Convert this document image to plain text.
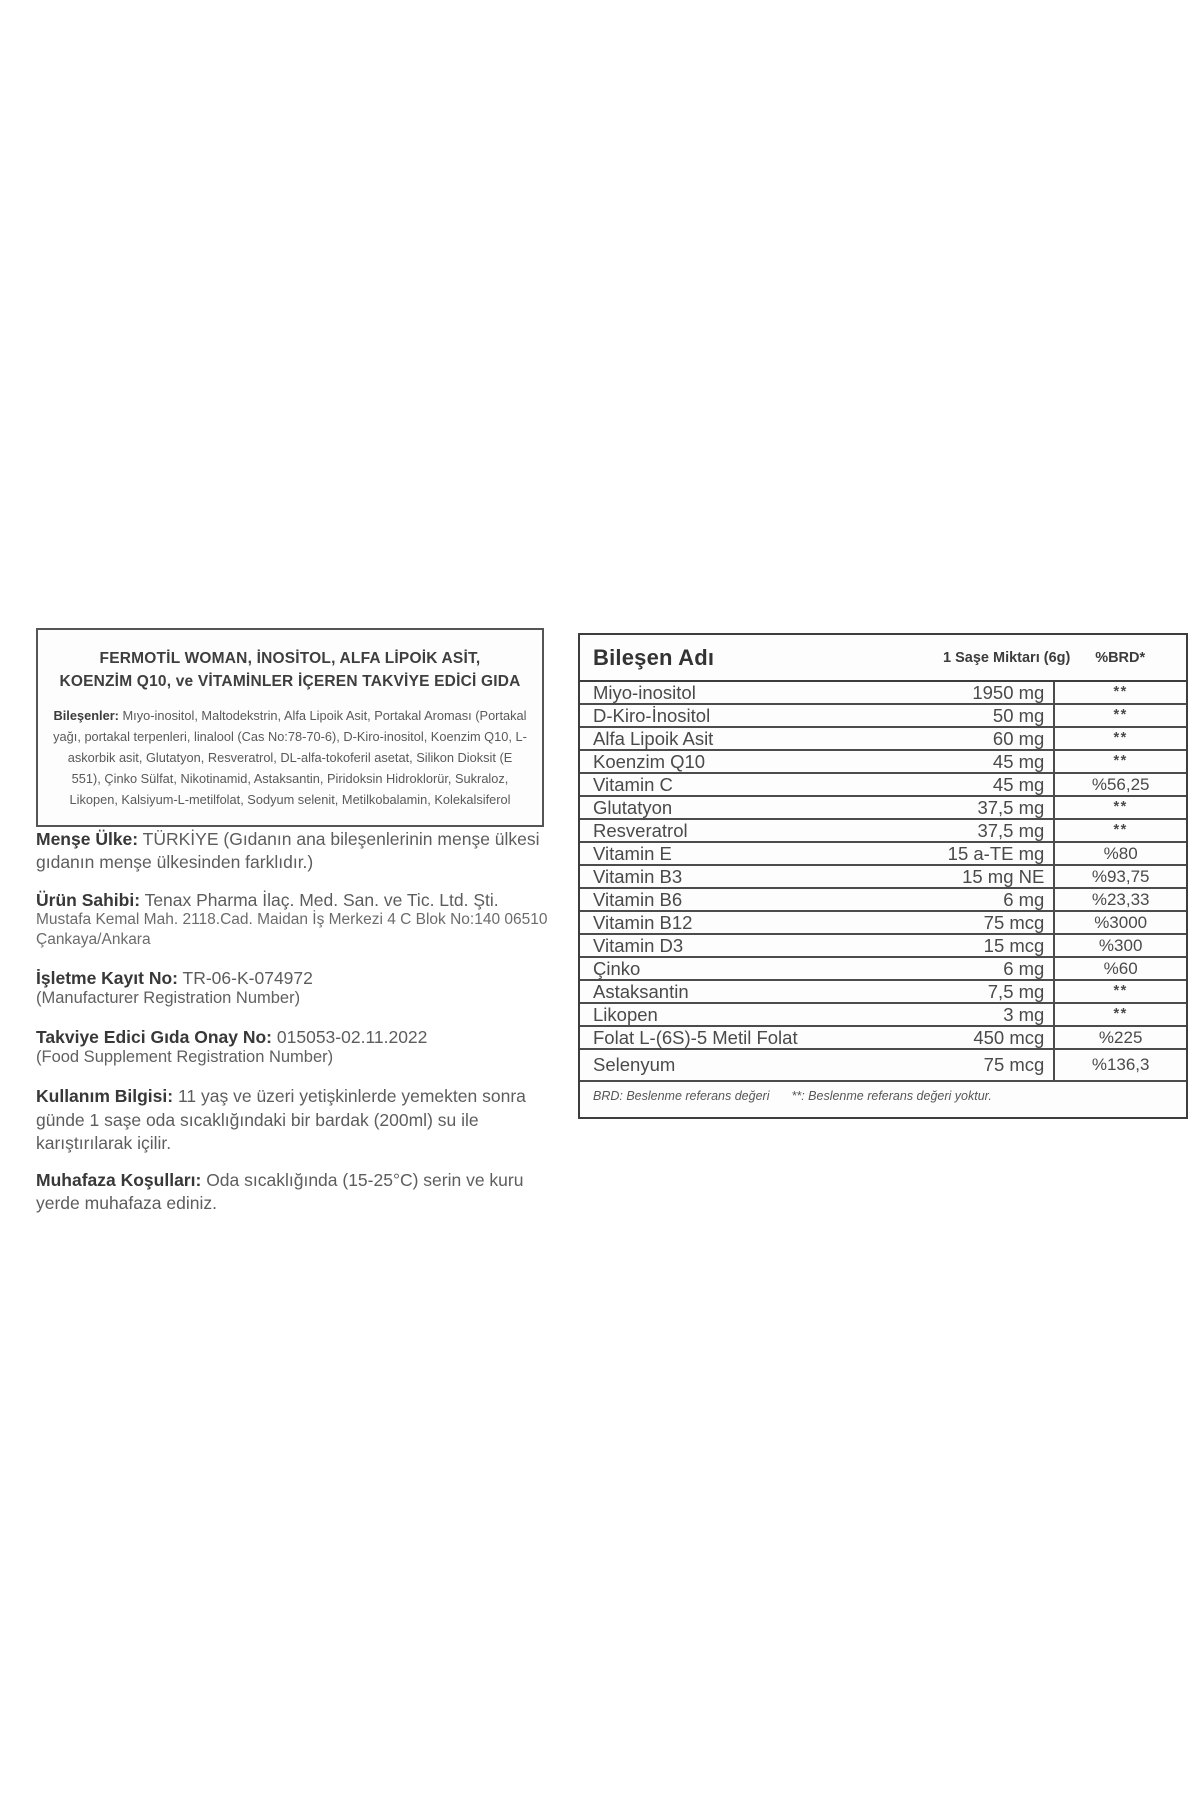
FERMOTİL WOMAN, İNOSİTOL, ALFA LİPOİK ASİT,
KOENZİM Q10, ve VİTAMİNLER İÇEREN TAKVİYE EDİCİ GIDA
Bileşenler: Mıyo-inositol, Maltodekstrin, Alfa Lipoik Asit, Portakal Aroması (Portakal yağı, portakal terpenleri, linalool (Cas No:78-70-6), D-Kiro-inositol, Koenzim Q10, L-askorbik asit, Glutatyon, Resveratrol, DL-alfa-tokoferil asetat, Silikon Dioksit (E 551), Çinko Sülfat, Nikotinamid, Astaksantin, Piridoksin Hidroklorür, Sukraloz, Likopen, Kalsiyum-L-metilfolat, Sodyum selenit, Metilkobalamin, Kolekalsiferol

Menşe Ülke: TÜRKİYE (Gıdanın ana bileşenlerinin menşe ülkesi gıdanın menşe ülkesinden farklıdır.)

Ürün Sahibi: Tenax Pharma İlaç. Med. San. ve Tic. Ltd. Şti.

Mustafa Kemal Mah. 2118.Cad. Maidan İş Merkezi 4 C Blok No:140 06510 Çankaya/Ankara

İşletme Kayıt No: TR-06-K-074972

(Manufacturer Registration Number)

Takviye Edici Gıda Onay No: 015053-02.11.2022

(Food Supplement Registration Number)

Kullanım Bilgisi: 11 yaş ve üzeri yetişkinlerde yemekten sonra günde 1 saşe oda sıcaklığındaki bir bardak (200ml) su ile karıştırılarak içilir.

Muhafaza Koşulları: Oda sıcaklığında (15-25°C) serin ve kuru yerde muhafaza ediniz.

Bileşen Adı	1 Saşe Miktarı (6g)	%BRD*
Miyo-inositol	1950 mg	**
D-Kiro-İnositol	50 mg	**
Alfa Lipoik Asit	60 mg	**
Koenzim Q10	45 mg	**
Vitamin C	45 mg	%56,25
Glutatyon	37,5 mg	**
Resveratrol	37,5 mg	**
Vitamin E	15 a-TE mg	%80
Vitamin B3	15 mg NE	%93,75
Vitamin B6	6 mg	%23,33
Vitamin B12	75 mcg	%3000
Vitamin D3	15 mcg	%300
Çinko	6 mg	%60
Astaksantin	7,5 mg	**
Likopen	3 mg	**
Folat L-(6S)-5 Metil Folat	450 mcg	%225
Selenyum	75 mcg	%136,3
BRD: Beslenme referans değeri **: Beslenme referans değeri yoktur.		
